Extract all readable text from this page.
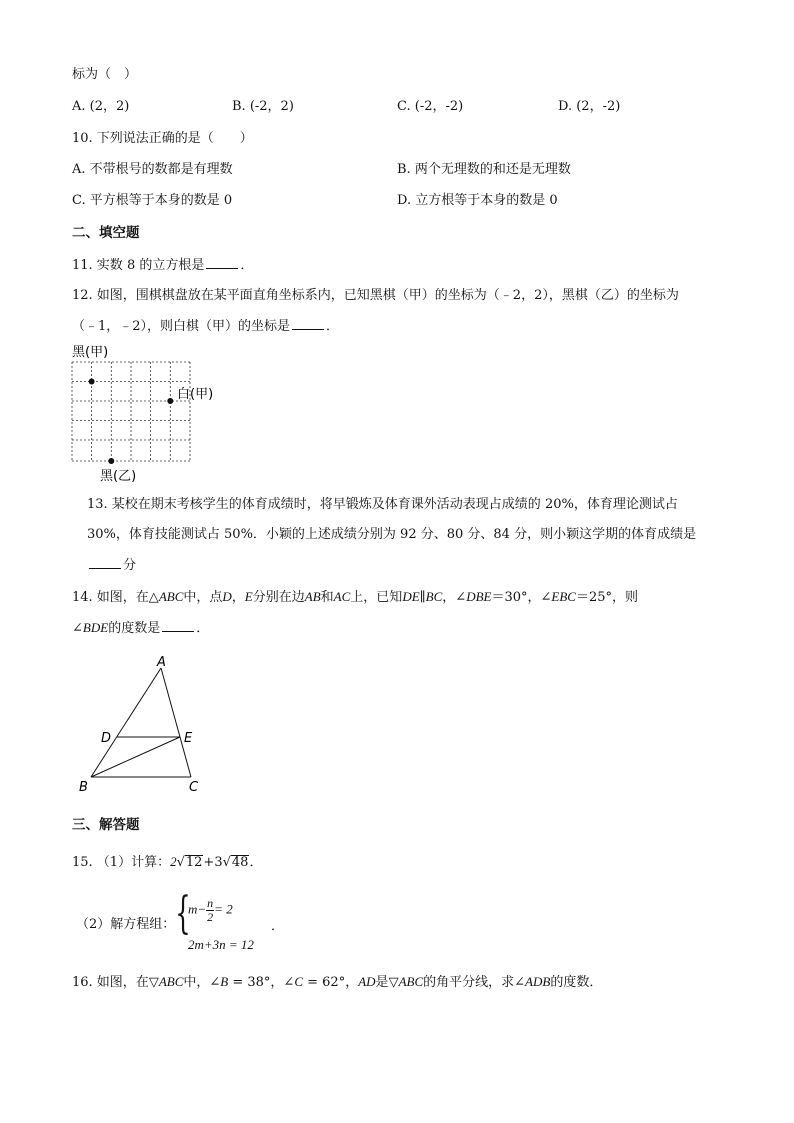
标为（　）
A. (2，2)	B. (-2，2)	C. (-2，-2)	D. (2，-2)
10. 下列说法正确的是（　　）
A. 不带根号的数都是有理数	B. 两个无理数的和还是无理数
C. 平方根等于本身的数是 0	D. 立方根等于本身的数是 0
二、填空题
11. 实数 8 的立方根是	．
12. 如图，围棋棋盘放在某平面直角坐标系内，已知黑棋（甲）的坐标为（﹣2，2），黑棋（乙）的坐标为
（﹣1，﹣2），则白棋（甲）的坐标是	．
黑(甲)
白(甲)
黑(乙)
13. 某校在期末考核学生的体育成绩时，将早锻炼及体育课外活动表现占成绩的 20%，体育理论测试占
30%，体育技能测试占 50%．小颖的上述成绩分别为 92 分、80 分、84 分，则小颖这学期的体育成绩是
分
14. 如图，在△ABC中，点D，E分别在边AB和AC上，已知DE∥BC，∠DBE＝30°，∠EBC＝25°，则
∠BDE的度数是	．
A
D	E
B	C
三、解答题
15. （1）计算：2√12+3√48．
（2）解方程组： {
$m- \frac{n}{2} = 2$
2m+3n = 12
．
16. 如图，在▽ABC中，∠B = 38°，∠C = 62°，AD是▽ABC的角平分线，求∠ADB的度数．
